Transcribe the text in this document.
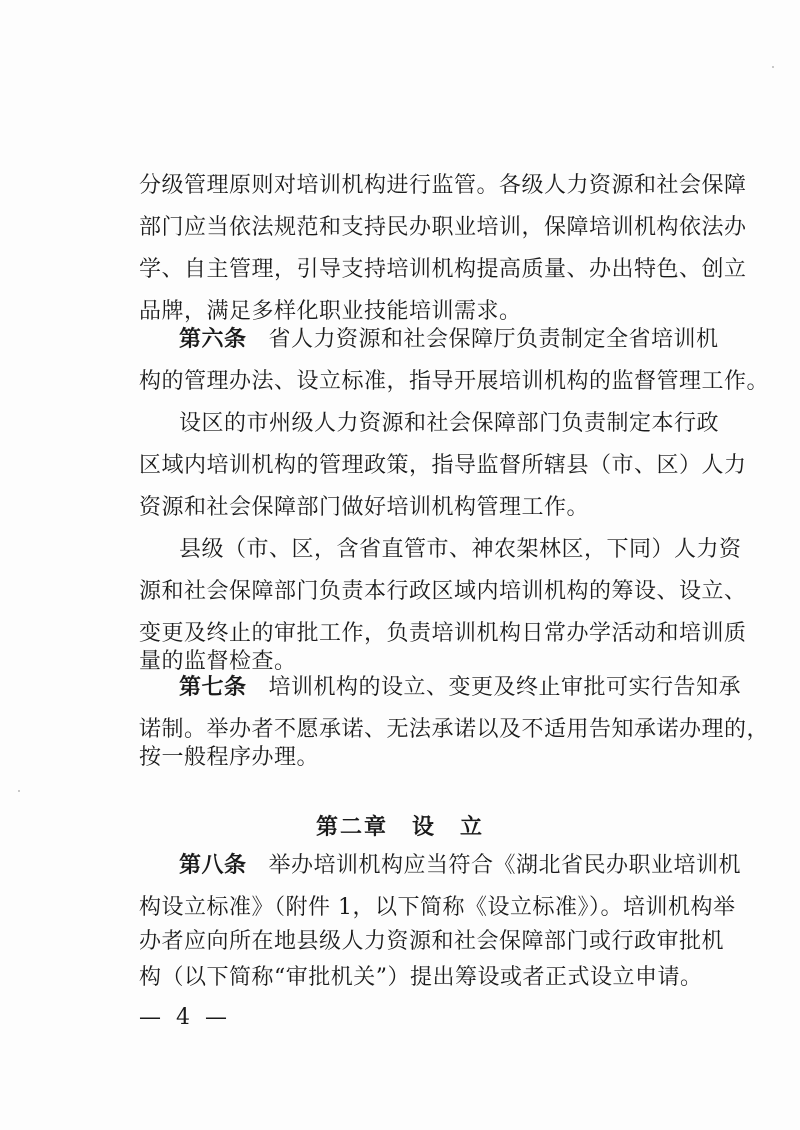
分级管理原则对培训机构进行监管。各级人力资源和社会保障
部门应当依法规范和支持民办职业培训，保障培训机构依法办
学、自主管理，引导支持培训机构提高质量、办出特色、创立
品牌，满足多样化职业技能培训需求。
第六条 省人力资源和社会保障厅负责制定全省培训机
构的管理办法、设立标准，指导开展培训机构的监督管理工作。
设区的市州级人力资源和社会保障部门负责制定本行政
区域内培训机构的管理政策，指导监督所辖县（市、区）人力
资源和社会保障部门做好培训机构管理工作。
县级（市、区，含省直管市、神农架林区，下同）人力资
源和社会保障部门负责本行政区域内培训机构的筹设、设立、
变更及终止的审批工作，负责培训机构日常办学活动和培训质
量的监督检查。
第七条 培训机构的设立、变更及终止审批可实行告知承
诺制。举办者不愿承诺、无法承诺以及不适用告知承诺办理的，
按一般程序办理。
第二章 设　立
第八条 举办培训机构应当符合《湖北省民办职业培训机
构设立标准》（附件 1，以下简称《设立标准》）。培训机构举
办者应向所在地县级人力资源和社会保障部门或行政审批机
构（以下简称“审批机关”）提出筹设或者正式设立申请。
— 4 —
